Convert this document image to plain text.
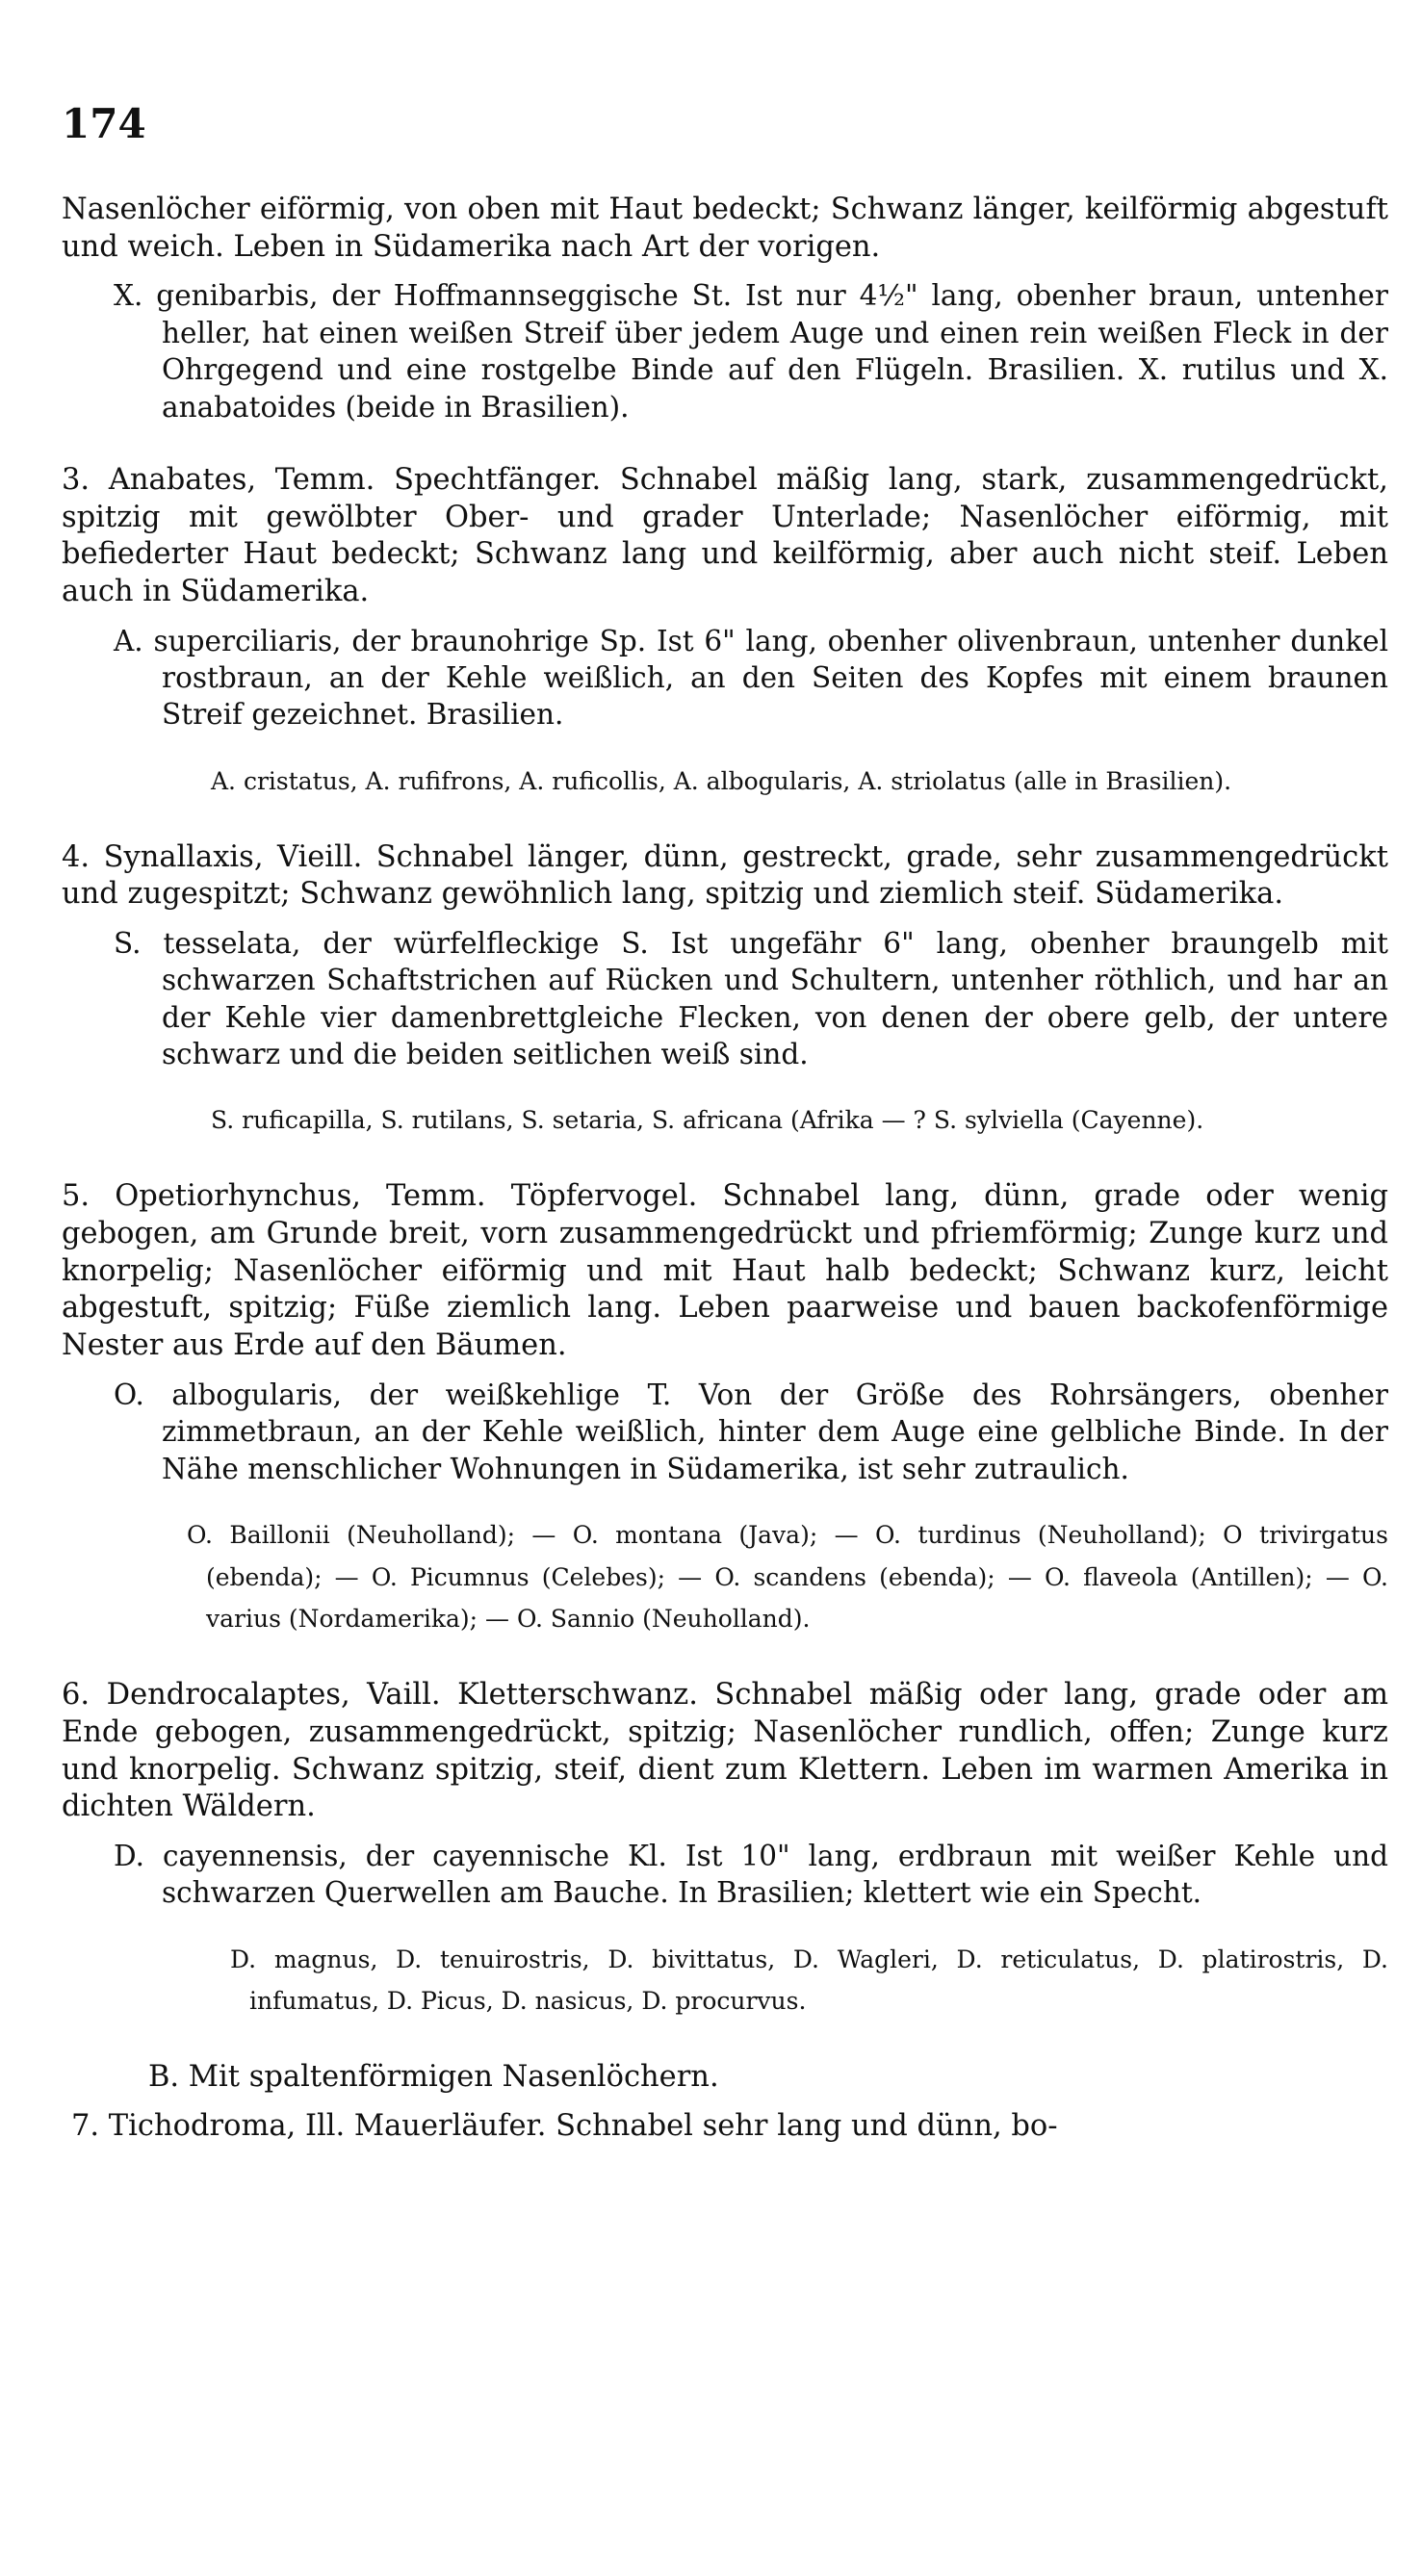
174

Nasenlöcher eiförmig, von oben mit Haut bedeckt; Schwanz länger, keilförmig abgestuft und weich. Leben in Südamerika nach Art der vorigen.

X. genibarbis, der Hoffmannseggische St. Ist nur 4½" lang, obenher braun, untenher heller, hat einen weißen Streif über jedem Auge und einen rein weißen Fleck in der Ohrgegend und eine rostgelbe Binde auf den Flügeln. Brasilien. X. rutilus und X. anabatoides (beide in Brasilien).

3. Anabates, Temm. Spechtfänger. Schnabel mäßig lang, stark, zusammengedrückt, spitzig mit gewölbter Ober- und grader Unterlade; Nasenlöcher eiförmig, mit befiederter Haut bedeckt; Schwanz lang und keilförmig, aber auch nicht steif. Leben auch in Südamerika.

A. superciliaris, der braunohrige Sp. Ist 6" lang, obenher olivenbraun, untenher dunkel rostbraun, an der Kehle weißlich, an den Seiten des Kopfes mit einem braunen Streif gezeichnet. Brasilien.

A. cristatus, A. rufifrons, A. ruficollis, A. albogularis, A. striolatus (alle in Brasilien).

4. Synallaxis, Vieill. Schnabel länger, dünn, gestreckt, grade, sehr zusammengedrückt und zugespitzt; Schwanz gewöhnlich lang, spitzig und ziemlich steif. Südamerika.

S. tesselata, der würfelfleckige S. Ist ungefähr 6" lang, obenher braungelb mit schwarzen Schaftstrichen auf Rücken und Schultern, untenher röthlich, und har an der Kehle vier damenbrettgleiche Flecken, von denen der obere gelb, der untere schwarz und die beiden seitlichen weiß sind.

S. ruficapilla, S. rutilans, S. setaria, S. africana (Afrika — ? S. sylviella (Cayenne).

5. Opetiorhynchus, Temm. Töpfervogel. Schnabel lang, dünn, grade oder wenig gebogen, am Grunde breit, vorn zusammengedrückt und pfriemförmig; Zunge kurz und knorpelig; Nasenlöcher eiförmig und mit Haut halb bedeckt; Schwanz kurz, leicht abgestuft, spitzig; Füße ziemlich lang. Leben paarweise und bauen backofenförmige Nester aus Erde auf den Bäumen.

O. albogularis, der weißkehlige T. Von der Größe des Rohrsängers, obenher zimmetbraun, an der Kehle weißlich, hinter dem Auge eine gelbliche Binde. In der Nähe menschlicher Wohnungen in Südamerika, ist sehr zutraulich.

O. Baillonii (Neuholland); — O. montana (Java); — O. turdinus (Neuholland); O trivirgatus (ebenda); — O. Picumnus (Celebes); — O. scandens (ebenda); — O. flaveola (Antillen); — O. varius (Nordamerika); — O. Sannio (Neuholland).

6. Dendrocalaptes, Vaill. Kletterschwanz. Schnabel mäßig oder lang, grade oder am Ende gebogen, zusammengedrückt, spitzig; Nasenlöcher rundlich, offen; Zunge kurz und knorpelig. Schwanz spitzig, steif, dient zum Klettern. Leben im warmen Amerika in dichten Wäldern.

D. cayennensis, der cayennische Kl. Ist 10" lang, erdbraun mit weißer Kehle und schwarzen Querwellen am Bauche. In Brasilien; klettert wie ein Specht.

D. magnus, D. tenuirostris, D. bivittatus, D. Wagleri, D. reticulatus, D. platirostris, D. infumatus, D. Picus, D. nasicus, D. procurvus.

B. Mit spaltenförmigen Nasenlöchern.

7. Tichodroma, Ill. Mauerläufer. Schnabel sehr lang und dünn, bo-
